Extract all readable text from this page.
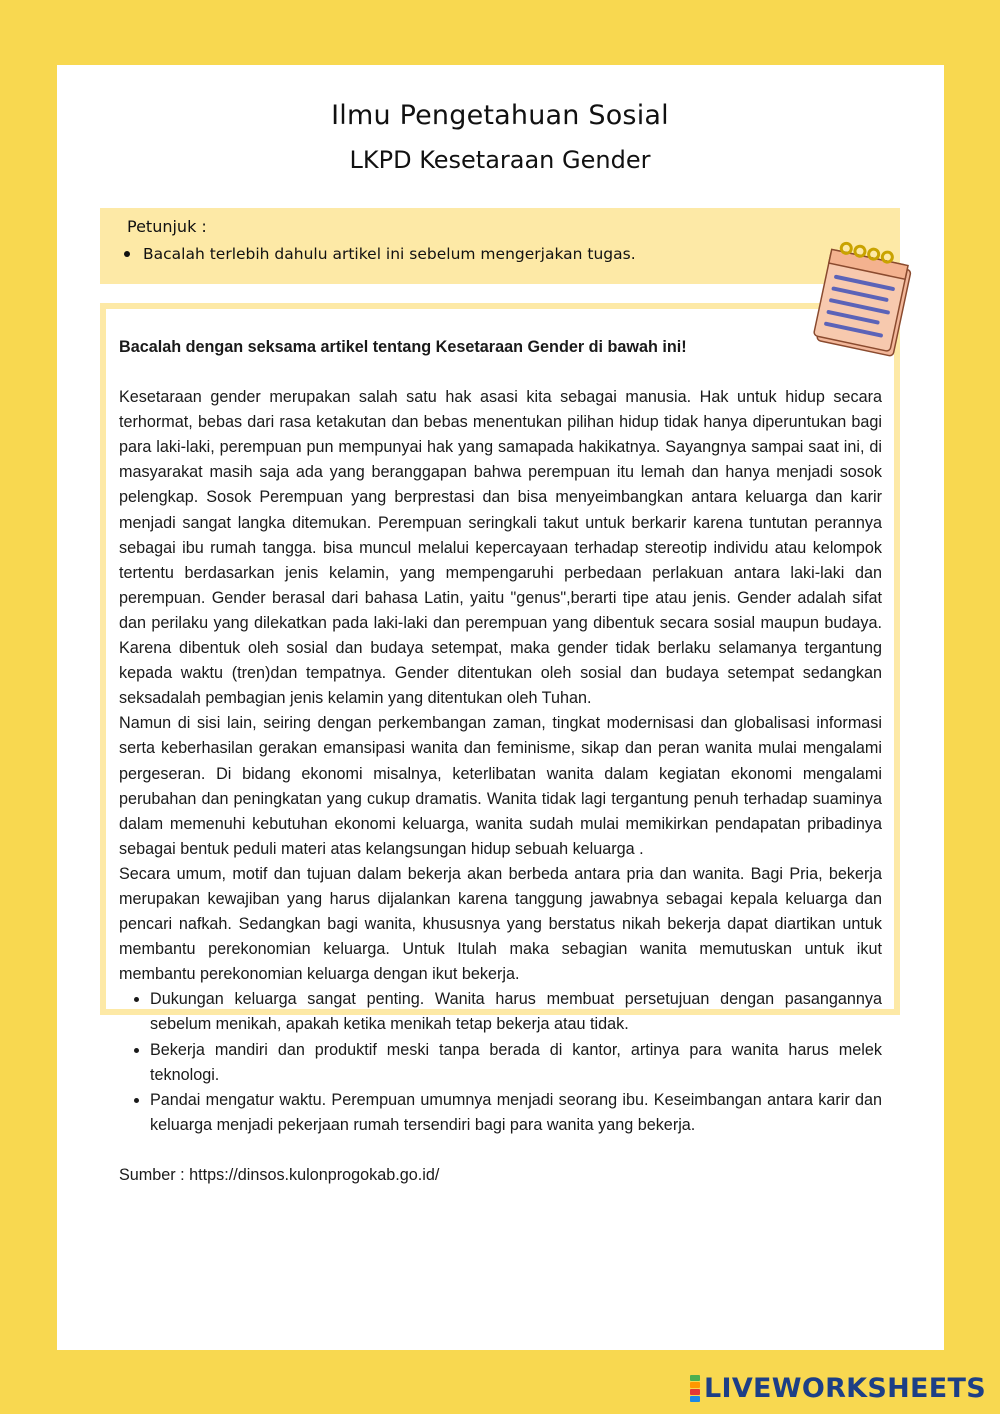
Ilmu Pengetahuan Sosial
LKPD Kesetaraan Gender
Petunjuk :
Bacalah terlebih dahulu artikel ini sebelum mengerjakan tugas.

Bacalah dengan seksama artikel tentang Kesetaraan Gender di bawah ini!

Kesetaraan gender merupakan salah satu hak asasi kita sebagai manusia. Hak untuk hidup secara terhormat, bebas dari rasa ketakutan dan bebas menentukan pilihan hidup tidak hanya diperuntukan bagi para laki-laki, perempuan pun mempunyai hak yang samapada hakikatnya. Sayangnya sampai saat ini, di masyarakat masih saja ada yang beranggapan bahwa perempuan itu lemah dan hanya menjadi sosok pelengkap. Sosok Perempuan yang berprestasi dan bisa menyeimbangkan antara keluarga dan karir menjadi sangat langka ditemukan. Perempuan seringkali takut untuk berkarir karena tuntutan perannya sebagai ibu rumah tangga. bisa muncul melalui kepercayaan terhadap stereotip individu atau kelompok tertentu berdasarkan jenis kelamin, yang mempengaruhi perbedaan perlakuan antara laki-laki dan perempuan. Gender berasal dari bahasa Latin, yaitu "genus",berarti tipe atau jenis. Gender adalah sifat dan perilaku yang dilekatkan pada laki-laki dan perempuan yang dibentuk secara sosial maupun budaya. Karena dibentuk oleh sosial dan budaya setempat, maka gender tidak berlaku selamanya tergantung kepada waktu (tren)dan tempatnya. Gender ditentukan oleh sosial dan budaya setempat sedangkan seksadalah pembagian jenis kelamin yang ditentukan oleh Tuhan.

Namun di sisi lain, seiring dengan perkembangan zaman, tingkat modernisasi dan globalisasi informasi serta keberhasilan gerakan emansipasi wanita dan feminisme, sikap dan peran wanita mulai mengalami pergeseran. Di bidang ekonomi misalnya, keterlibatan wanita dalam kegiatan ekonomi mengalami perubahan dan peningkatan yang cukup dramatis. Wanita tidak lagi tergantung penuh terhadap suaminya dalam memenuhi kebutuhan ekonomi keluarga, wanita sudah mulai memikirkan pendapatan pribadinya sebagai bentuk peduli materi atas kelangsungan hidup sebuah keluarga .

Secara umum, motif dan tujuan dalam bekerja akan berbeda antara pria dan wanita. Bagi Pria, bekerja merupakan kewajiban yang harus dijalankan karena tanggung jawabnya sebagai kepala keluarga dan pencari nafkah. Sedangkan bagi wanita, khususnya yang berstatus nikah bekerja dapat diartikan untuk membantu perekonomian keluarga. Untuk Itulah maka sebagian wanita memutuskan untuk ikut membantu perekonomian keluarga dengan ikut bekerja.

• Dukungan keluarga sangat penting. Wanita harus membuat persetujuan dengan pasangannya sebelum menikah, apakah ketika menikah tetap bekerja atau tidak.
• Bekerja mandiri dan produktif meski tanpa berada di kantor, artinya para wanita harus melek teknologi.
• Pandai mengatur waktu. Perempuan umumnya menjadi seorang ibu. Keseimbangan antara karir dan keluarga menjadi pekerjaan rumah tersendiri bagi para wanita yang bekerja.

Sumber : https://dinsos.kulonprogokab.go.id/

LIVEWORKSHEETS
